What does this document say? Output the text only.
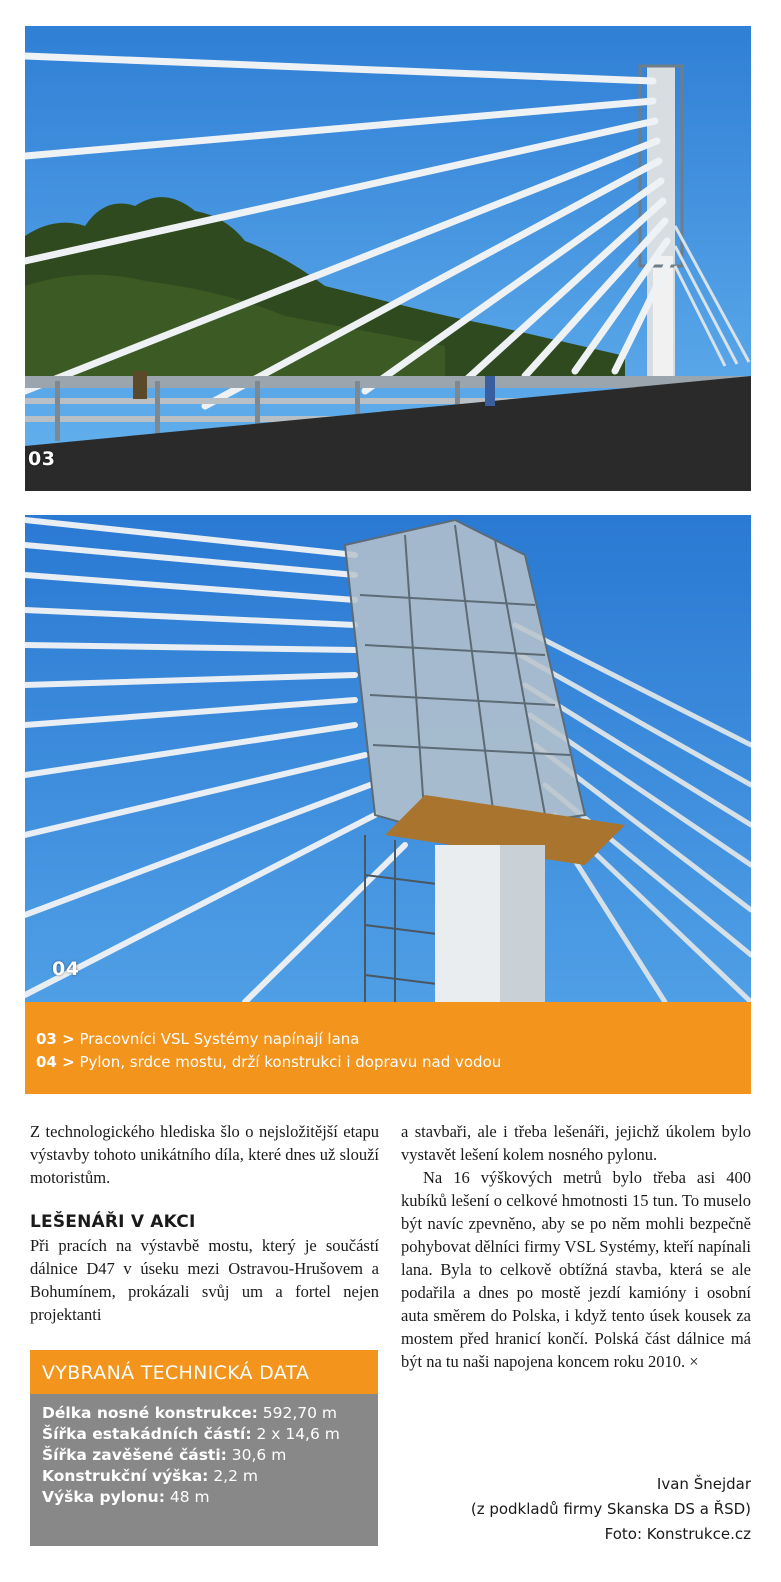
03
04
03 > Pracovníci VSL Systémy napínají lana
04 > Pylon, srdce mostu, drží konstrukci i dopravu nad vodou

Z technologického hlediska šlo o nejsložitější etapu výstavby tohoto unikátního díla, které dnes už slouží motoristům.

LEŠENÁŘI V AKCI

Při pracích na výstavbě mostu, který je součástí dálnice D47 v úseku mezi Ostravou-Hrušovem a Bohumínem, prokázali svůj um a fortel nejen projektanti

VYBRANÁ TECHNICKÁ DATA
Délka nosné konstrukce: 592,70 m
Šířka estakádních částí: 2 x 14,6 m
Šířka zavěšené části: 30,6 m
Konstrukční výška: 2,2 m
Výška pylonu: 48 m

a stavbaři, ale i třeba lešenáři, jejichž úkolem bylo vystavět lešení kolem nosného pylonu.

Na 16 výškových metrů bylo třeba asi 400 kubíků lešení o celkové hmotnosti 15 tun. To muselo být navíc zpevněno, aby se po něm mohli bezpečně pohybovat dělníci firmy VSL Systémy, kteří napínali lana. Byla to celkově obtížná stavba, která se ale podařila a dnes po mostě jezdí kamióny i osobní auta směrem do Polska, i když tento úsek kousek za mostem před hranicí končí. Polská část dálnice má být na tu naši napojena koncem roku 2010. ×

Ivan Šnejdar
(z podkladů firmy Skanska DS a ŘSD)
Foto: Konstrukce.cz
